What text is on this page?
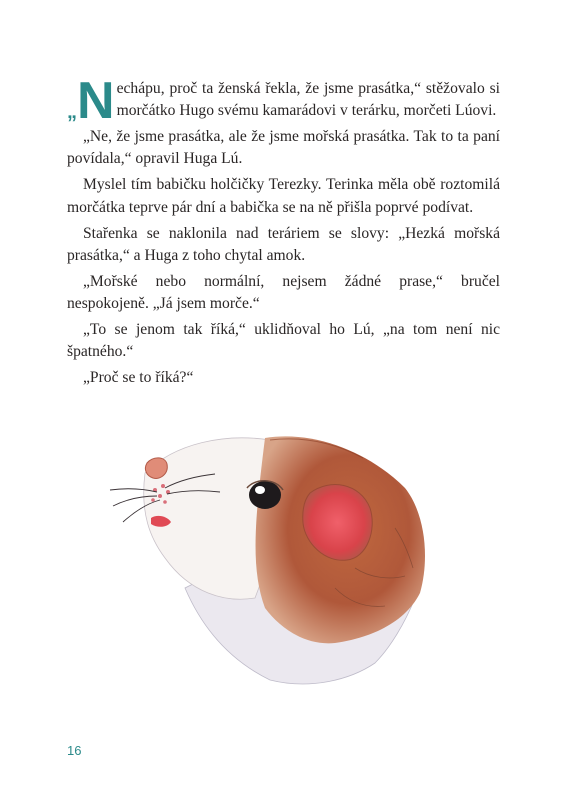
„ N echápu, proč ta ženská řekla, že jsme prasátka,“ stěžovalo si morčátko Hugo svému kamarádovi v terárku, morčeti Lúovi.

„Ne, že jsme prasátka, ale že jsme mořská prasátka. Tak to ta paní povídala,“ opravil Huga Lú.

Myslel tím babičku holčičky Terezky. Terinka měla obě roztomilá morčátka teprve pár dní a babička se na ně přišla poprvé podívat.

Stařenka se naklonila nad teráriem se slovy: „Hezká mořská prasátka,“ a Huga z toho chytal amok.

„Mořské nebo normální, nejsem žádné prase,“ bručel nespokojeně. „Já jsem morče.“

„To se jenom tak říká,“ uklidňoval ho Lú, „na tom není nic špatného.“

„Proč se to říká?“

16
